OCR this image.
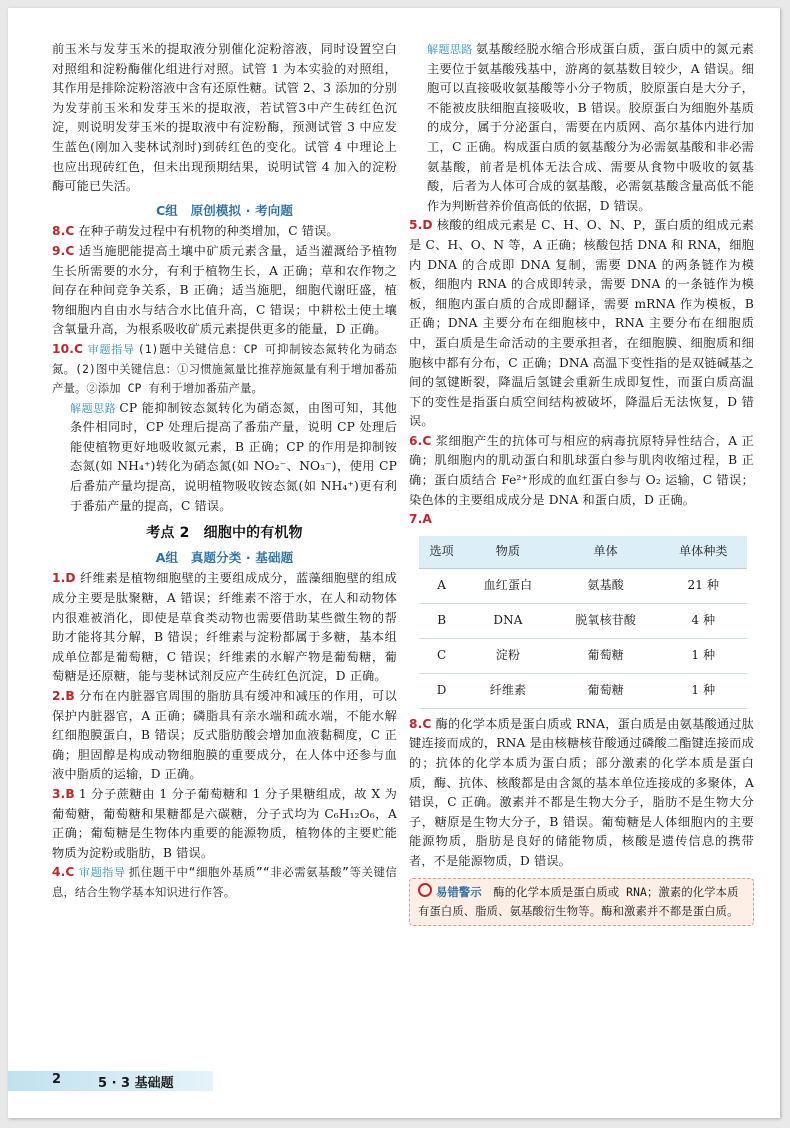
前玉米与发芽玉米的提取液分别催化淀粉溶液，同时设置空白对照组和淀粉酶催化组进行对照。试管 1 为本实验的对照组，其作用是排除淀粉溶液中含有还原性糖。试管 2、3 添加的分别为发芽前玉米和发芽玉米的提取液，若试管3中产生砖红色沉淀，则说明发芽玉米的提取液中有淀粉酶，预测试管 3 中应发生蓝色(刚加入斐林试剂时)到砖红色的变化。试管 4 中理论上也应出现砖红色，但未出现预期结果，说明试管 4 加入的淀粉酶可能已失活。

C组　原创模拟 · 考向题

8.C 在种子萌发过程中有机物的种类增加，C 错误。

9.C 适当施肥能提高土壤中矿质元素含量，适当灌溉给予植物生长所需要的水分，有利于植物生长，A 正确；草和农作物之间存在种间竞争关系，B 正确；适当施肥，细胞代谢旺盛，植物细胞内自由水与结合水比值升高，C 错误；中耕松土使土壤含氧量升高，为根系吸收矿质元素提供更多的能量，D 正确。

10.C 审题指导 (1)题中关键信息：CP 可抑制铵态氮转化为硝态氮。(2)图中关键信息：①习惯施氮量比推荐施氮量有利于增加番茄产量。②添加 CP 有利于增加番茄产量。

解题思路 CP 能抑制铵态氮转化为硝态氮，由图可知，其他条件相同时，CP 处理后提高了番茄产量，说明 CP 处理后能使植物更好地吸收氮元素，B 正确；CP 的作用是抑制铵态氮(如 NH₄⁺)转化为硝态氮(如 NO₂⁻、NO₃⁻)，使用 CP 后番茄产量均提高，说明植物吸收铵态氮(如 NH₄⁺)更有利于番茄产量的提高，C 错误。

考点 2　细胞中的有机物
A组　真题分类 · 基础题

1.D 纤维素是植物细胞壁的主要组成成分，蓝藻细胞壁的组成成分主要是肽聚糖，A 错误；纤维素不溶于水，在人和动物体内很难被消化，即使是草食类动物也需要借助某些微生物的帮助才能将其分解，B 错误；纤维素与淀粉都属于多糖，基本组成单位都是葡萄糖，C 错误；纤维素的水解产物是葡萄糖，葡萄糖是还原糖，能与斐林试剂反应产生砖红色沉淀，D 正确。

2.B 分布在内脏器官周围的脂肪具有缓冲和减压的作用，可以保护内脏器官，A 正确；磷脂具有亲水端和疏水端，不能水解红细胞膜蛋白，B 错误；反式脂肪酸会增加血液黏稠度，C 正确；胆固醇是构成动物细胞膜的重要成分，在人体中还参与血液中脂质的运输，D 正确。

3.B 1 分子蔗糖由 1 分子葡萄糖和 1 分子果糖组成，故 X 为葡萄糖，葡萄糖和果糖都是六碳糖，分子式均为 C₆H₁₂O₆，A 正确；葡萄糖是生物体内重要的能源物质，植物体的主要贮能物质为淀粉或脂肪，B 错误。

4.C 审题指导 抓住题干中“细胞外基质”“非必需氨基酸”等关键信息，结合生物学基本知识进行作答。

解题思路 氨基酸经脱水缩合形成蛋白质，蛋白质中的氮元素主要位于氨基酸残基中，游离的氨基数目较少，A 错误。细胞可以直接吸收氨基酸等小分子物质，胶原蛋白是大分子，不能被皮肤细胞直接吸收，B 错误。胶原蛋白为细胞外基质的成分，属于分泌蛋白，需要在内质网、高尔基体内进行加工，C 正确。构成蛋白质的氨基酸分为必需氨基酸和非必需氨基酸，前者是机体无法合成、需要从食物中吸收的氨基酸，后者为人体可合成的氨基酸，必需氨基酸含量高低不能作为判断营养价值高低的依据，D 错误。

5.D 核酸的组成元素是 C、H、O、N、P，蛋白质的组成元素是 C、H、O、N 等，A 正确；核酸包括 DNA 和 RNA，细胞内 DNA 的合成即 DNA 复制，需要 DNA 的两条链作为模板，细胞内 RNA 的合成即转录，需要 DNA 的一条链作为模板，细胞内蛋白质的合成即翻译，需要 mRNA 作为模板，B 正确；DNA 主要分布在细胞核中，RNA 主要分布在细胞质中，蛋白质是生命活动的主要承担者，在细胞膜、细胞质和细胞核中都有分布，C 正确；DNA 高温下变性指的是双链碱基之间的氢键断裂，降温后氢键会重新生成即复性，而蛋白质高温下的变性是指蛋白质空间结构被破坏，降温后无法恢复，D 错误。

6.C 浆细胞产生的抗体可与相应的病毒抗原特异性结合，A 正确；肌细胞内的肌动蛋白和肌球蛋白参与肌肉收缩过程，B 正确；蛋白质结合 Fe²⁺形成的血红蛋白参与 O₂ 运输，C 错误；染色体的主要组成成分是 DNA 和蛋白质，D 正确。

7.A

选项	物质	单体	单体种类
A	血红蛋白	氨基酸	21 种
B	DNA	脱氧核苷酸	4 种
C	淀粉	葡萄糖	1 种
D	纤维素	葡萄糖	1 种

8.C 酶的化学本质是蛋白质或 RNA，蛋白质是由氨基酸通过肽键连接而成的，RNA 是由核糖核苷酸通过磷酸二酯键连接而成的；抗体的化学本质为蛋白质；部分激素的化学本质是蛋白质，酶、抗体、核酸都是由含氮的基本单位连接成的多聚体，A 错误，C 正确。激素并不都是生物大分子，脂肪不是生物大分子，糖原是生物大分子，B 错误。葡萄糖是人体细胞内的主要能源物质，脂肪是良好的储能物质，核酸是遗传信息的携带者，不是能源物质，D 错误。

易错警示　 酶的化学本质是蛋白质或 RNA；激素的化学本质有蛋白质、脂质、氨基酸衍生物等。酶和激素并不都是蛋白质。
2	5 · 3 基础题
